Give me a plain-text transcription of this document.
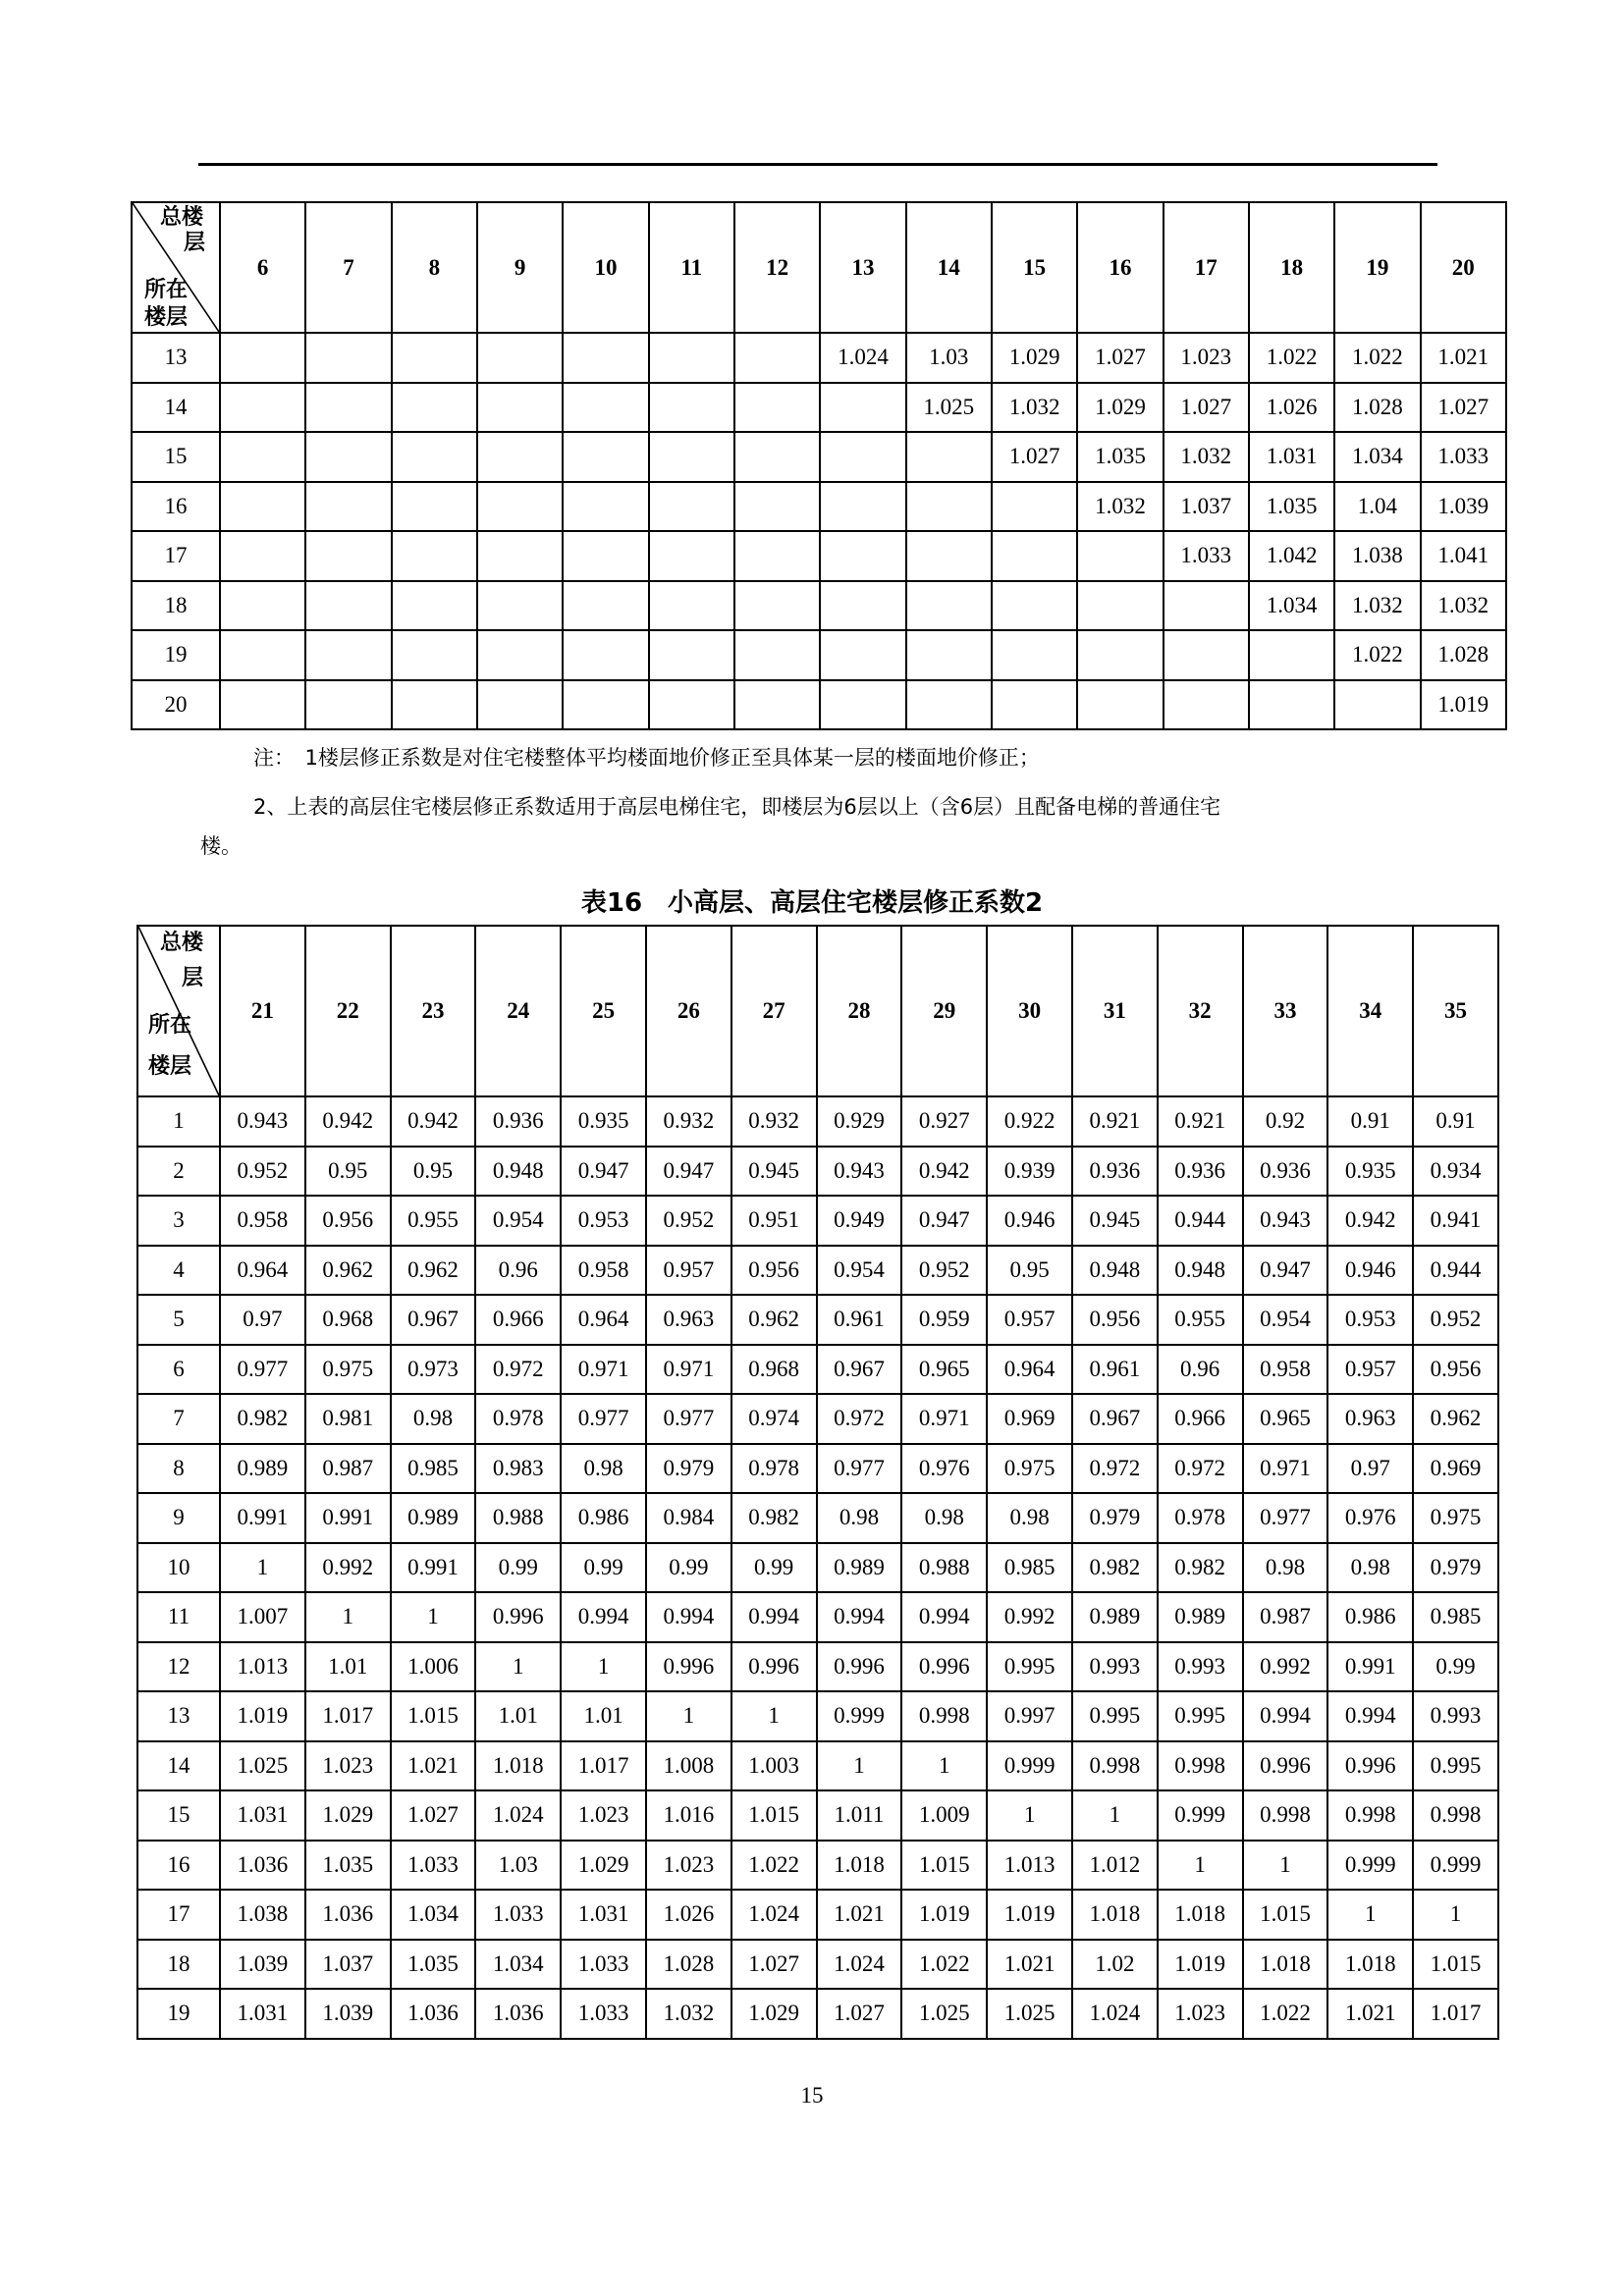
总楼
层
所在
楼层	6	7	8	9	10	11	12	13	14	15	16	17	18	19	20
13								1.024	1.03	1.029	1.027	1.023	1.022	1.022	1.021
14									1.025	1.032	1.029	1.027	1.026	1.028	1.027
15										1.027	1.035	1.032	1.031	1.034	1.033
16											1.032	1.037	1.035	1.04	1.039
17												1.033	1.042	1.038	1.041
18													1.034	1.032	1.032
19														1.022	1.028
20															1.019
注：　1楼层修正系数是对住宅楼整体平均楼面地价修正至具体某一层的楼面地价修正；
2、上表的高层住宅楼层修正系数适用于高层电梯住宅，即楼层为6层以上（含6层）且配备电梯的普通住宅
楼。
表16　小高层、高层住宅楼层修正系数2
总楼
层
所在
楼层	21	22	23	24	25	26	27	28	29	30	31	32	33	34	35
1	0.943	0.942	0.942	0.936	0.935	0.932	0.932	0.929	0.927	0.922	0.921	0.921	0.92	0.91	0.91
2	0.952	0.95	0.95	0.948	0.947	0.947	0.945	0.943	0.942	0.939	0.936	0.936	0.936	0.935	0.934
3	0.958	0.956	0.955	0.954	0.953	0.952	0.951	0.949	0.947	0.946	0.945	0.944	0.943	0.942	0.941
4	0.964	0.962	0.962	0.96	0.958	0.957	0.956	0.954	0.952	0.95	0.948	0.948	0.947	0.946	0.944
5	0.97	0.968	0.967	0.966	0.964	0.963	0.962	0.961	0.959	0.957	0.956	0.955	0.954	0.953	0.952
6	0.977	0.975	0.973	0.972	0.971	0.971	0.968	0.967	0.965	0.964	0.961	0.96	0.958	0.957	0.956
7	0.982	0.981	0.98	0.978	0.977	0.977	0.974	0.972	0.971	0.969	0.967	0.966	0.965	0.963	0.962
8	0.989	0.987	0.985	0.983	0.98	0.979	0.978	0.977	0.976	0.975	0.972	0.972	0.971	0.97	0.969
9	0.991	0.991	0.989	0.988	0.986	0.984	0.982	0.98	0.98	0.98	0.979	0.978	0.977	0.976	0.975
10	1	0.992	0.991	0.99	0.99	0.99	0.99	0.989	0.988	0.985	0.982	0.982	0.98	0.98	0.979
11	1.007	1	1	0.996	0.994	0.994	0.994	0.994	0.994	0.992	0.989	0.989	0.987	0.986	0.985
12	1.013	1.01	1.006	1	1	0.996	0.996	0.996	0.996	0.995	0.993	0.993	0.992	0.991	0.99
13	1.019	1.017	1.015	1.01	1.01	1	1	0.999	0.998	0.997	0.995	0.995	0.994	0.994	0.993
14	1.025	1.023	1.021	1.018	1.017	1.008	1.003	1	1	0.999	0.998	0.998	0.996	0.996	0.995
15	1.031	1.029	1.027	1.024	1.023	1.016	1.015	1.011	1.009	1	1	0.999	0.998	0.998	0.998
16	1.036	1.035	1.033	1.03	1.029	1.023	1.022	1.018	1.015	1.013	1.012	1	1	0.999	0.999
17	1.038	1.036	1.034	1.033	1.031	1.026	1.024	1.021	1.019	1.019	1.018	1.018	1.015	1	1
18	1.039	1.037	1.035	1.034	1.033	1.028	1.027	1.024	1.022	1.021	1.02	1.019	1.018	1.018	1.015
19	1.031	1.039	1.036	1.036	1.033	1.032	1.029	1.027	1.025	1.025	1.024	1.023	1.022	1.021	1.017
15
